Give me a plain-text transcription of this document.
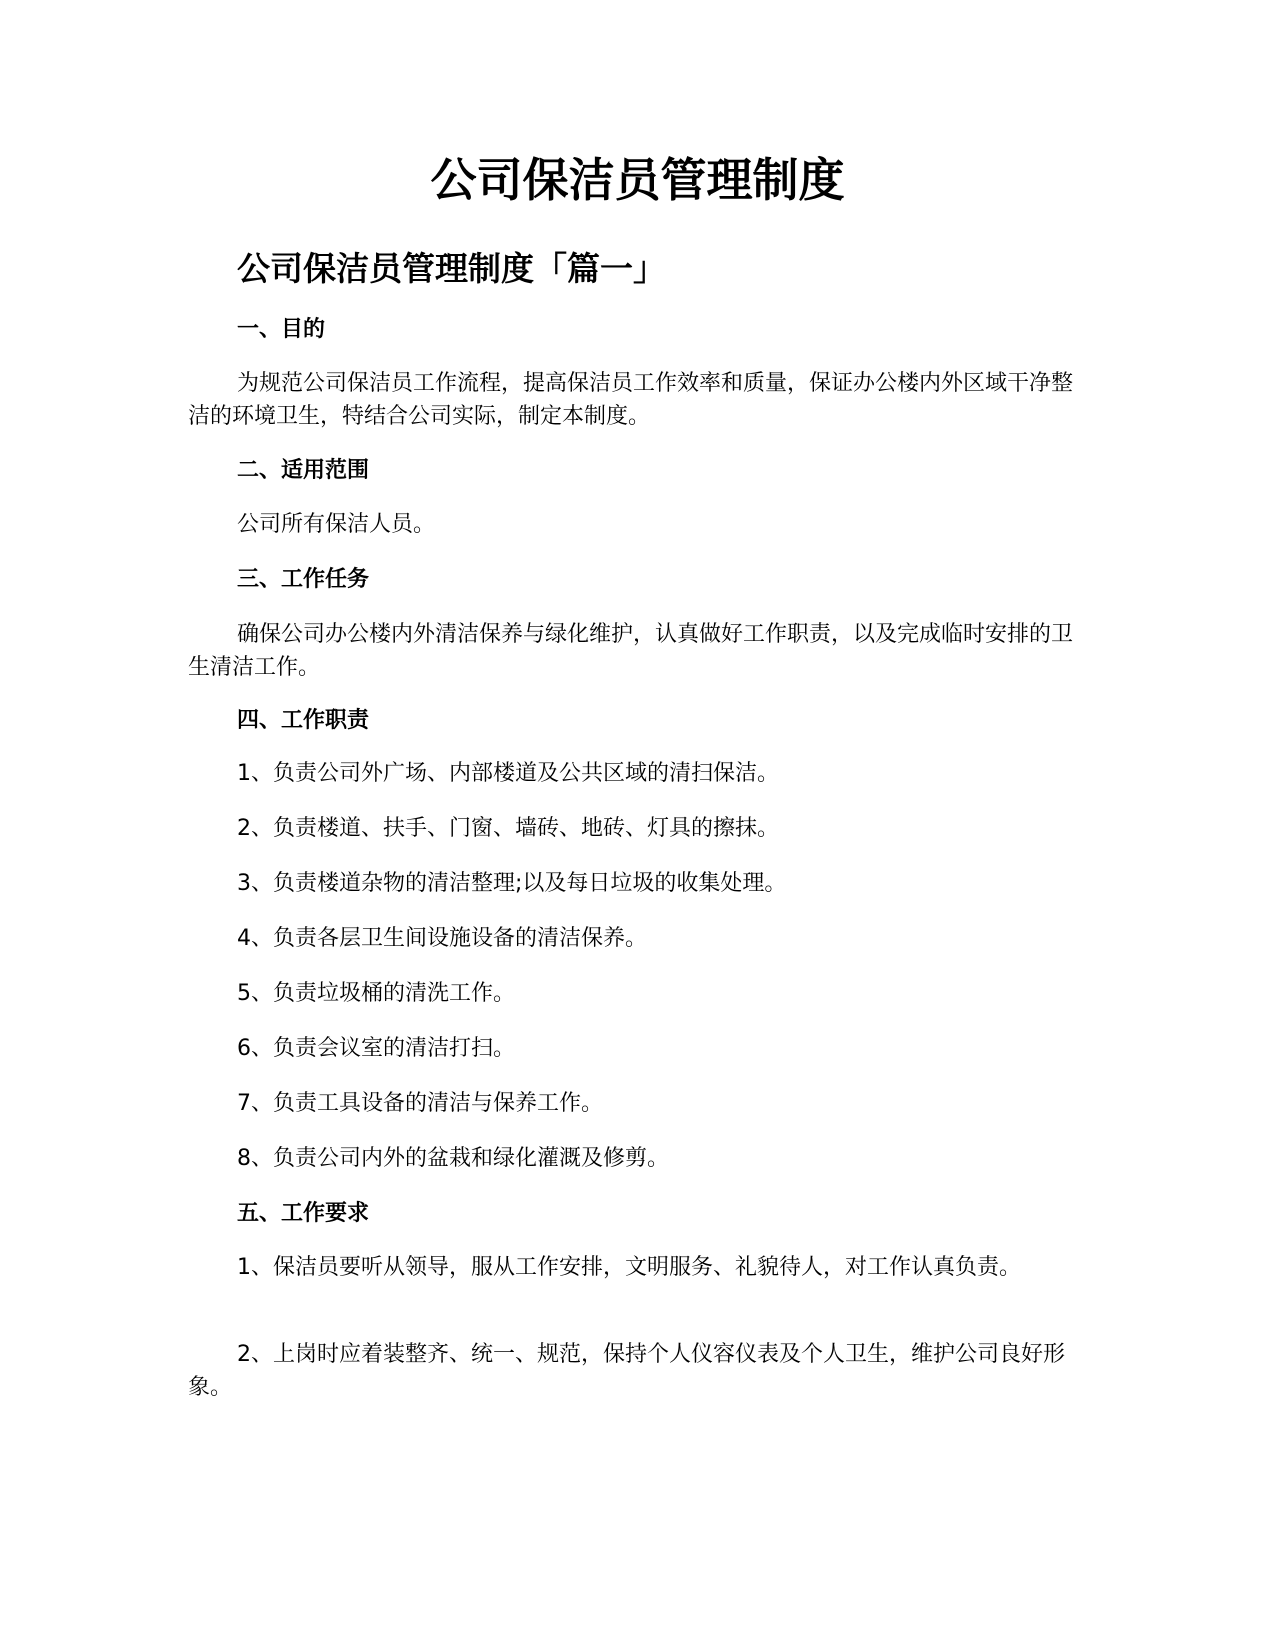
公司保洁员管理制度
公司保洁员管理制度「篇一」
一、目的

为规范公司保洁员工作流程，提高保洁员工作效率和质量，保证办公楼内外区域干净整洁的环境卫生，特结合公司实际，制定本制度。

二、适用范围

公司所有保洁人员。

三、工作任务

确保公司办公楼内外清洁保养与绿化维护，认真做好工作职责，以及完成临时安排的卫生清洁工作。

四、工作职责

1、负责公司外广场、内部楼道及公共区域的清扫保洁。

2、负责楼道、扶手、门窗、墙砖、地砖、灯具的擦抹。

3、负责楼道杂物的清洁整理;以及每日垃圾的收集处理。

4、负责各层卫生间设施设备的清洁保养。

5、负责垃圾桶的清洗工作。

6、负责会议室的清洁打扫。

7、负责工具设备的清洁与保养工作。

8、负责公司内外的盆栽和绿化灌溉及修剪。

五、工作要求

1、保洁员要听从领导，服从工作安排，文明服务、礼貌待人，对工作认真负责。

2、上岗时应着装整齐、统一、规范，保持个人仪容仪表及个人卫生，维护公司良好形象。
